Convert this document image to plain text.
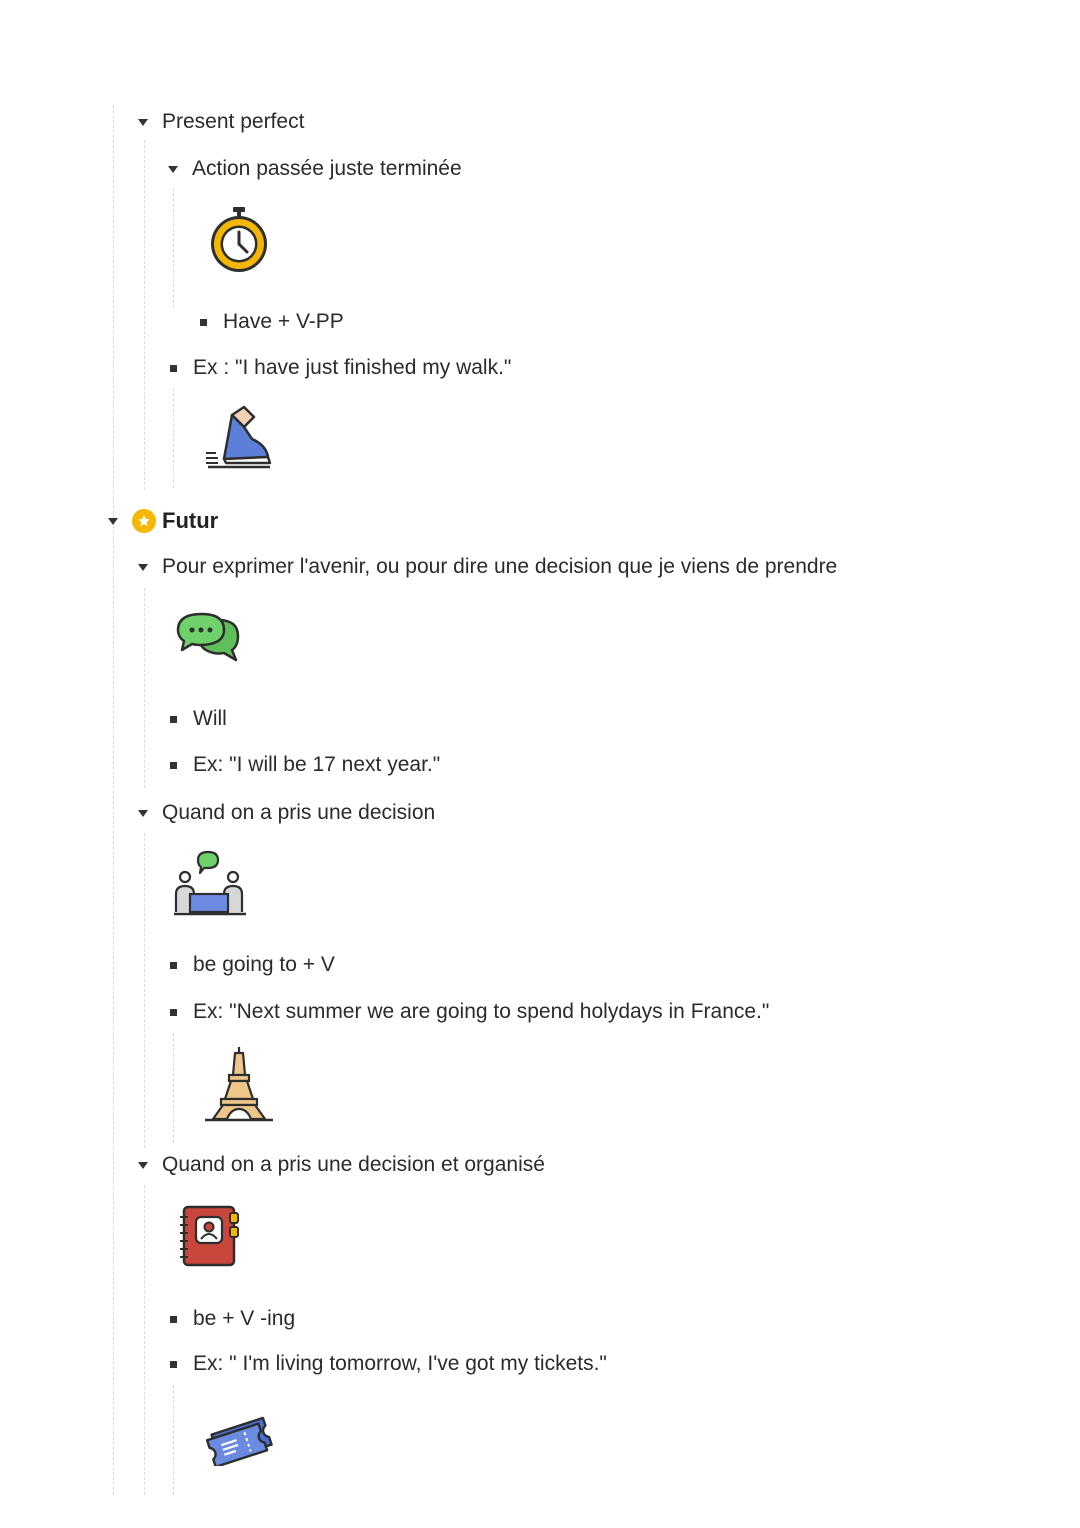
Present perfect
Action passée juste terminée
Have + V-PP
Ex : "I have just finished my walk."
Futur
Pour exprimer l'avenir, ou pour dire une decision que je viens de prendre
Will
Ex: "I will be 17 next year."
Quand on a pris une decision
be going to + V
Ex: "Next summer we are going to spend holydays in France."
Quand on a pris une decision et organisé
be + V -ing
Ex: " I'm living tomorrow, I've got my tickets."
